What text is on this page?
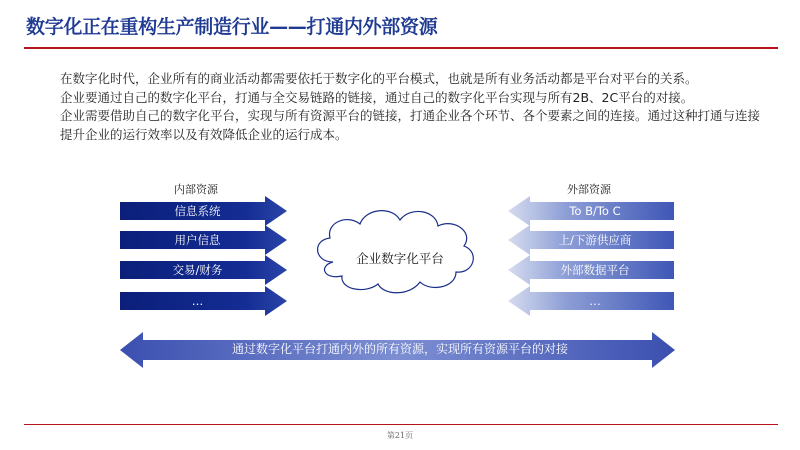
数字化正在重构生产制造行业——打通内外部资源

在数字化时代，企业所有的商业活动都需要依托于数字化的平台模式，也就是所有业务活动都是平台对平台的关系。

企业要通过自己的数字化平台，打通与全交易链路的链接，通过自己的数字化平台实现与所有2B、2C平台的对接。

企业需要借助自己的数字化平台，实现与所有资源平台的链接，打通企业各个环节、各个要素之间的连接。通过这种打通与连接提升企业的运行效率以及有效降低企业的运行成本。

内部资源	外部资源
信息系统
用户信息
交易/财务
…
To B/To C
上/下游供应商
外部数据平台
…
企业数字化平台
通过数字化平台打通内外的所有资源，实现所有资源平台的对接
第21页
